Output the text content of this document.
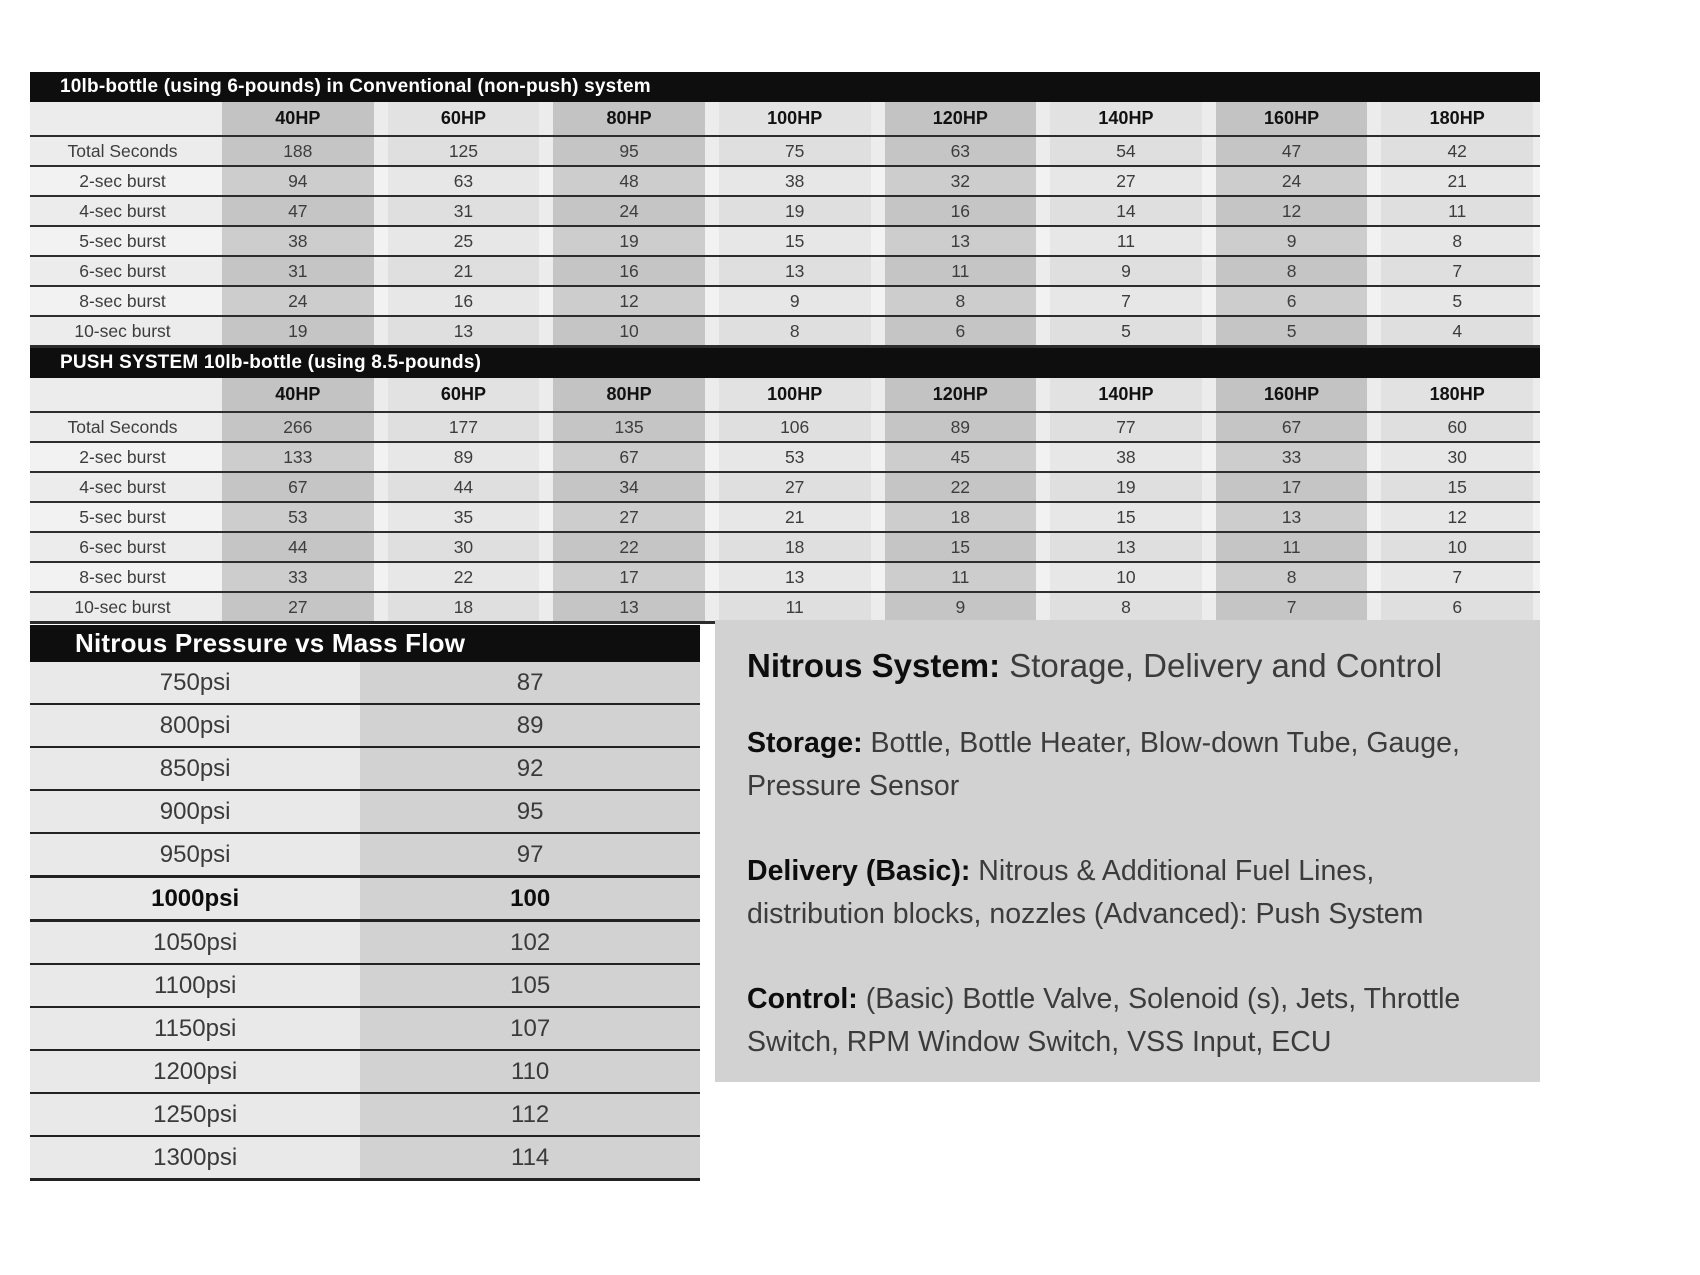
10lb-bottle (using 6-pounds) in Conventional (non-push) system
	40HP	60HP	80HP	100HP	120HP	140HP	160HP	180HP
Total Seconds	188	125	95	75	63	54	47	42
2-sec burst	94	63	48	38	32	27	24	21
4-sec burst	47	31	24	19	16	14	12	11
5-sec burst	38	25	19	15	13	11	9	8
6-sec burst	31	21	16	13	11	9	8	7
8-sec burst	24	16	12	9	8	7	6	5
10-sec burst	19	13	10	8	6	5	5	4
PUSH SYSTEM 10lb-bottle (using 8.5-pounds)
	40HP	60HP	80HP	100HP	120HP	140HP	160HP	180HP
Total Seconds	266	177	135	106	89	77	67	60
2-sec burst	133	89	67	53	45	38	33	30
4-sec burst	67	44	34	27	22	19	17	15
5-sec burst	53	35	27	21	18	15	13	12
6-sec burst	44	30	22	18	15	13	11	10
8-sec burst	33	22	17	13	11	10	8	7
10-sec burst	27	18	13	11	9	8	7	6
Nitrous Pressure vs Mass Flow
750psi	87
800psi	89
850psi	92
900psi	95
950psi	97
1000psi	100
1050psi	102
1100psi	105
1150psi	107
1200psi	110
1250psi	112
1300psi	114
Nitrous System: Storage, Delivery and Control

Storage: Bottle, Bottle Heater, Blow-down Tube, Gauge, Pressure Sensor

Delivery (Basic): Nitrous & Additional Fuel Lines, distribution blocks, nozzles (Advanced): Push System

Control: (Basic) Bottle Valve, Solenoid (s), Jets, Throttle Switch, RPM Window Switch, VSS Input, ECU
